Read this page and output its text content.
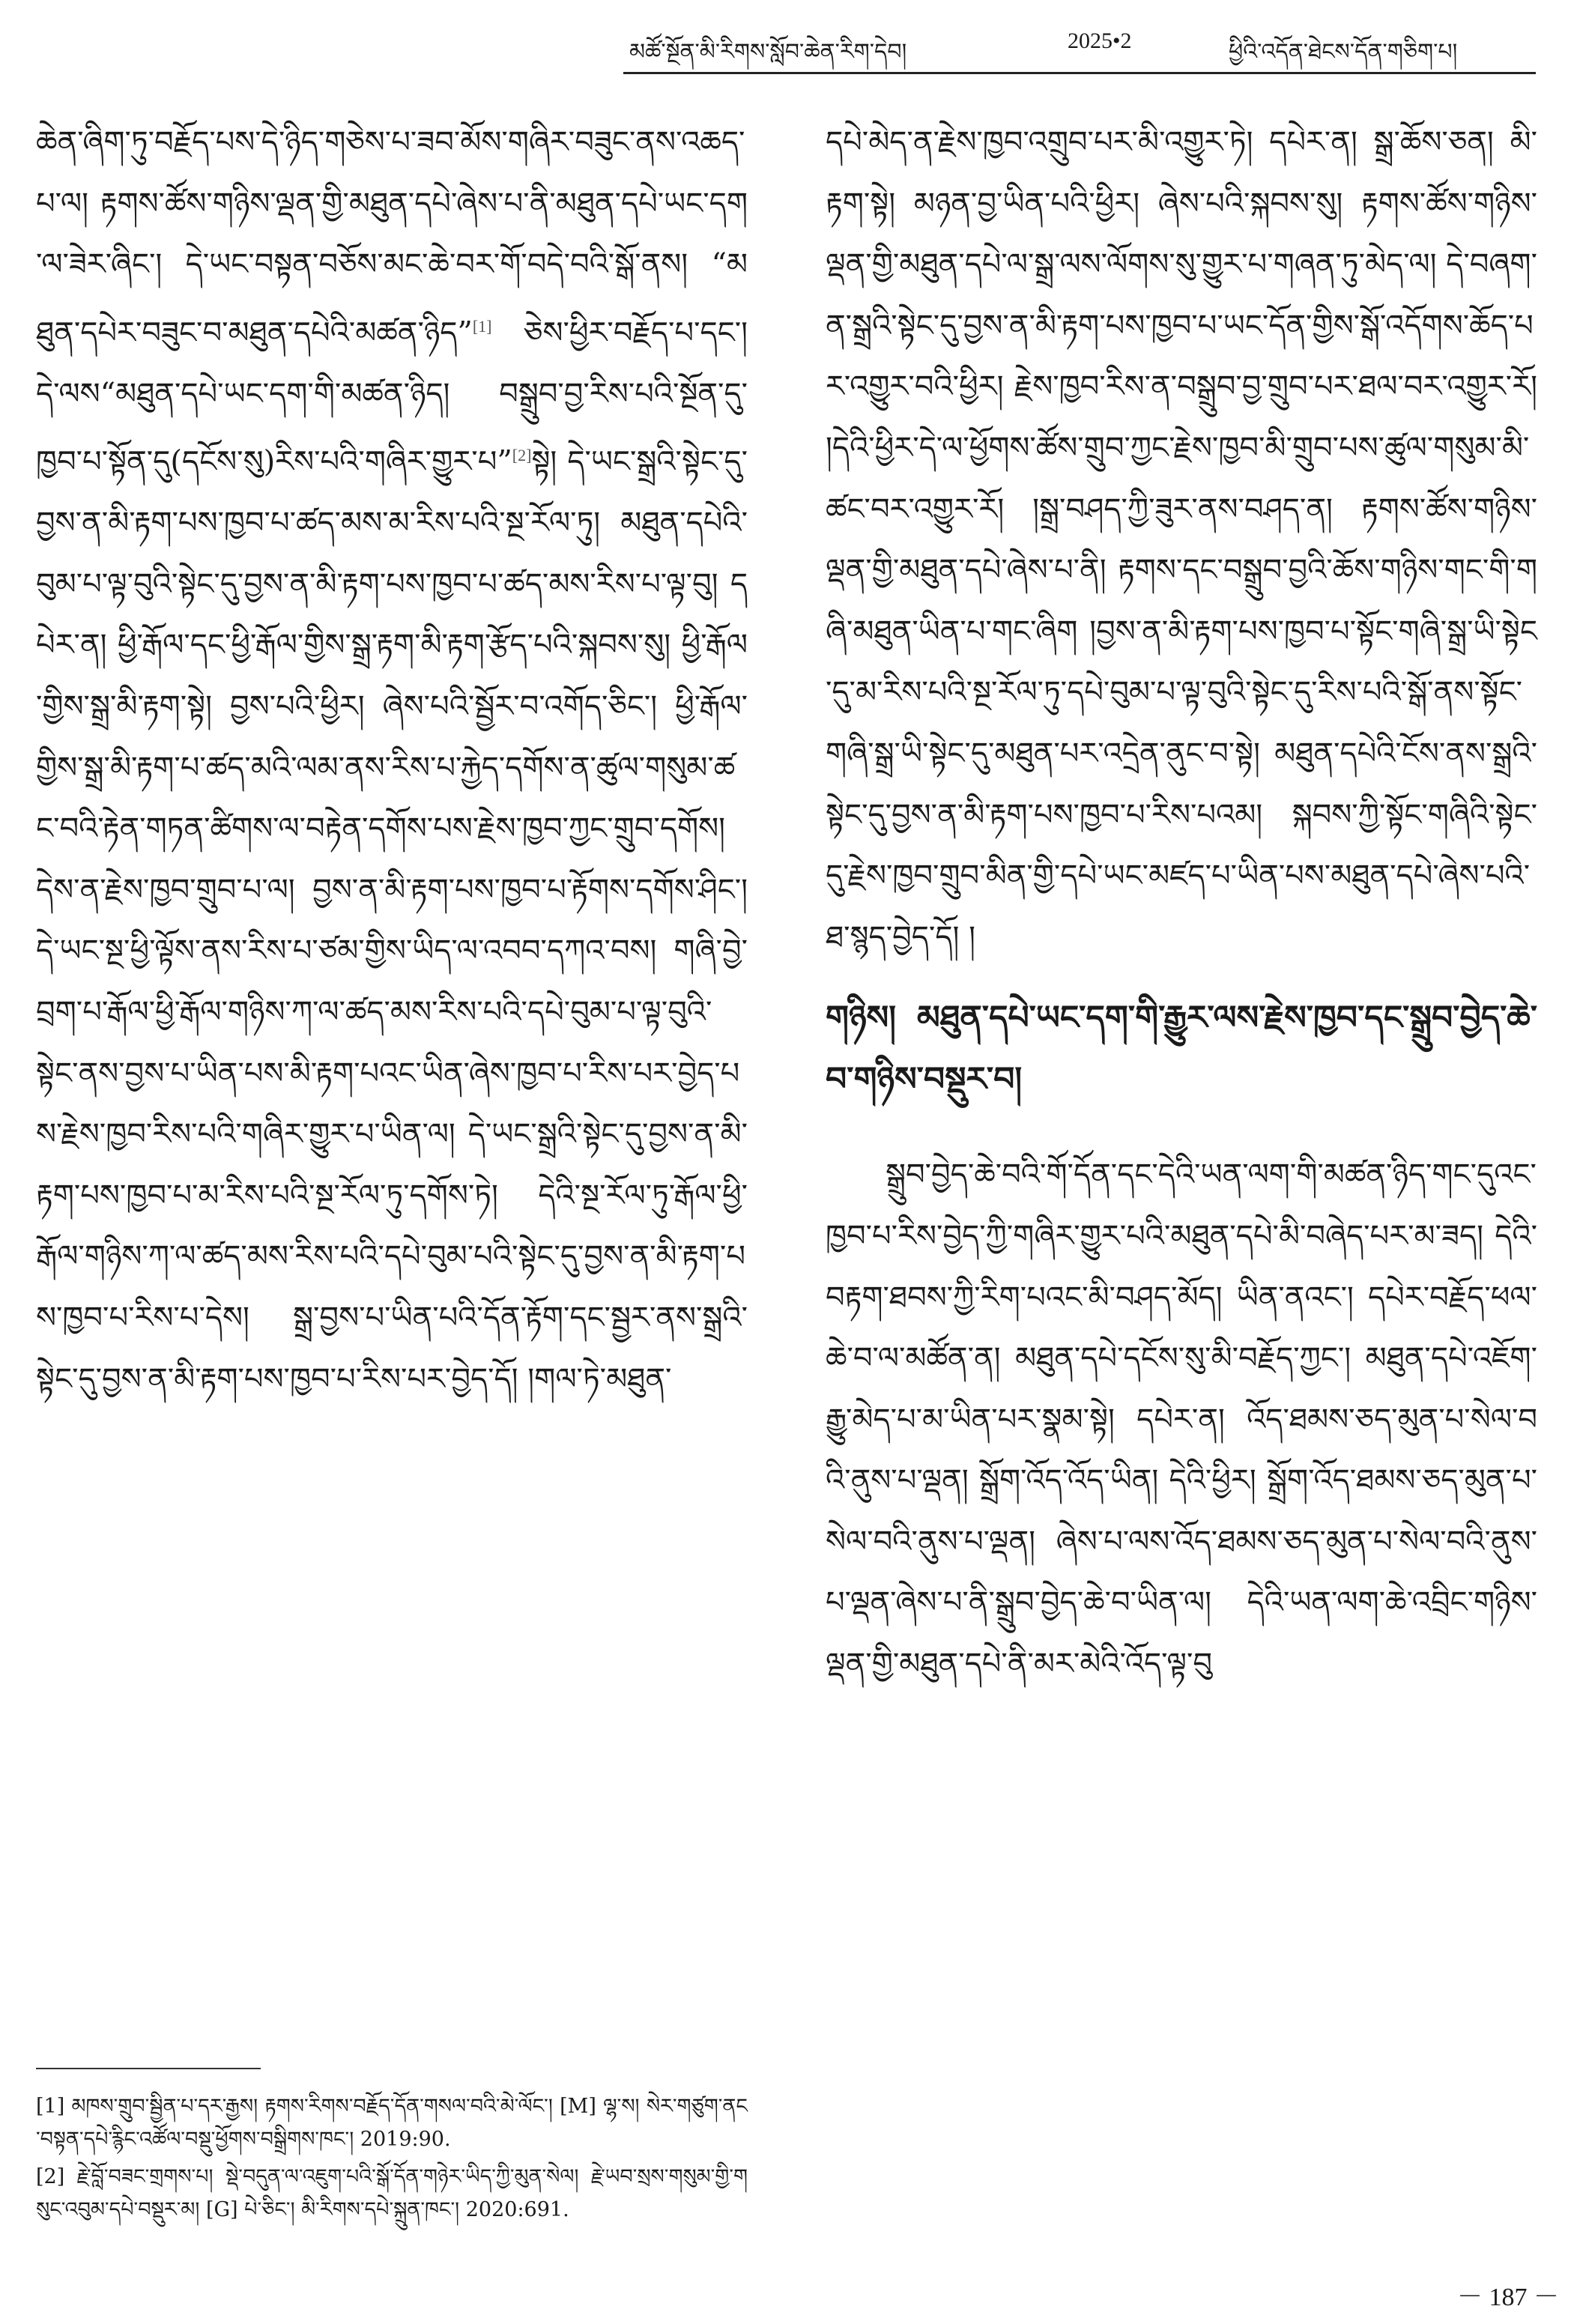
མཚོ་སྔོན་མི་རིགས་སློབ་ཆེན་རིག་དེབ།	2025•2	ཕྱིའི་འདོན་ཐེངས་དོན་གཅིག་པ།

ཆེན་ཞིག་ཏུ་བརྗོད་པས་དེ་ཉིད་གཅེས་པ་ཟབ་མོས་གཞིར་བཟུང་ནས་འཆད་པ་ལ། རྟགས་ཚོས་གཉིས་ལྡན་གྱི་མཐུན་དཔེ་ཞེས་པ་ནི་མཐུན་དཔེ་ཡང་དག་ལ་ཟེར་ཞིང་། དེ་ཡང་བསྟན་བཅོས་མང་ཆེ་བར་གོ་བདེ་བའི་སྒོ་ནས། “མཐུན་དཔེར་བཟུང་བ་མཐུན་དཔེའི་མཚན་ཉིད”[1] ཅེས་ཕྱིར་བརྗོད་པ་དང་། དེ་ལས“མཐུན་དཔེ་ཡང་དག་གི་མཚན་ཉིད། བསྒྲུབ་བྱ་རིས་པའི་སྔོན་དུ་ཁྱབ་པ་སྟོན་དུ(དངོས་སུ)རིས་པའི་གཞིར་གྱུར་པ”[2]སྟེ། དེ་ཡང་སྒྲའི་སྟེང་དུ་བྱས་ན་མི་རྟག་པས་ཁྱབ་པ་ཚད་མས་མ་རིས་པའི་སྔ་རོལ་ཏུ། མཐུན་དཔེའི་བུམ་པ་ལྟ་བུའི་སྟེང་དུ་བྱས་ན་མི་རྟག་པས་ཁྱབ་པ་ཚད་མས་རིས་པ་ལྟ་བུ། དཔེར་ན། ཕྱི་རྒོལ་དང་ཕྱི་རྒོལ་གྱིས་སྒྲ་རྟག་མི་རྟག་རྩོད་པའི་སྐབས་སུ། ཕྱི་རྒོལ་གྱིས་སྒྲ་མི་རྟག་སྟེ། བྱས་པའི་ཕྱིར། ཞེས་པའི་སྦྱོར་བ་འགོད་ཅིང་། ཕྱི་རྒོལ་གྱིས་སྒྲ་མི་རྟག་པ་ཚད་མའི་ལམ་ནས་རིས་པ་རྐྱེད་དགོས་ན་ཚུལ་གསུམ་ཚང་བའི་རྟེན་གཏན་ཚིགས་ལ་བརྟེན་དགོས་པས་རྗེས་ཁྱབ་ཀྱང་གྲུབ་དགོས། དེས་ན་རྗེས་ཁྱབ་གྲུབ་པ་ལ། བྱས་ན་མི་རྟག་པས་ཁྱབ་པ་རྟོགས་དགོས་ཤིང་། དེ་ཡང་སྔ་ཕྱི་ལྟོས་ནས་རིས་པ་ཙམ་གྱིས་ཡིད་ལ་འབབ་དཀའ་བས། གཞི་བྱེ་བྲག་པ་རྒོལ་ཕྱི་རྒོལ་གཉིས་ཀ་ལ་ཚད་མས་རིས་པའི་དཔེ་བུམ་པ་ལྟ་བུའི་སྟེང་ནས་བྱས་པ་ཡིན་པས་མི་རྟག་པའང་ཡིན་ཞེས་ཁྱབ་པ་རིས་པར་བྱེད་པས་རྗེས་ཁྱབ་རིས་པའི་གཞིར་གྱུར་པ་ཡིན་ལ། དེ་ཡང་སྒྲའི་སྟེང་དུ་བྱས་ན་མི་རྟག་པས་ཁྱབ་པ་མ་རིས་པའི་སྔ་རོལ་ཏུ་དགོས་ཏེ། དེའི་སྔ་རོལ་ཏུ་རྒོལ་ཕྱི་རྒོལ་གཉིས་ཀ་ལ་ཚད་མས་རིས་པའི་དཔེ་བུམ་པའི་སྟེང་དུ་བྱས་ན་མི་རྟག་པས་ཁྱབ་པ་རིས་པ་དེས། སྒྲ་བྱས་པ་ཡིན་པའི་དོན་རྟོག་དང་སྦྱར་ནས་སྒྲའི་སྟེང་དུ་བྱས་ན་མི་རྟག་པས་ཁྱབ་པ་རིས་པར་བྱེད་དོ། །གལ་ཏེ་མཐུན་

དཔེ་མེད་ན་རྗེས་ཁྱབ་འགྲུབ་པར་མི་འགྱུར་ཏེ། དཔེར་ན། སྒྲ་ཆོས་ཅན། མི་རྟག་སྟེ། མཉན་བྱ་ཡིན་པའི་ཕྱིར། ཞེས་པའི་སྐབས་སུ། རྟགས་ཚོས་གཉིས་ལྡན་གྱི་མཐུན་དཔེ་ལ་སྒྲ་ལས་ལོགས་སུ་གྱུར་པ་གཞན་ཏུ་མེད་ལ། དེ་བཞག་ན་སྒྲའི་སྟེང་དུ་བྱས་ན་མི་རྟག་པས་ཁྱབ་པ་ཡང་དོན་གྱིས་སྒོ་འདོགས་ཆོད་པར་འགྱུར་བའི་ཕྱིར། རྗེས་ཁྱབ་རིས་ན་བསྒྲུབ་བྱ་གྲུབ་པར་ཐལ་བར་འགྱུར་རོ། །དེའི་ཕྱིར་དེ་ལ་ཕྱོགས་ཚོས་གྲུབ་ཀྱང་རྗེས་ཁྱབ་མི་གྲུབ་པས་ཚུལ་གསུམ་མི་ཚང་བར་འགྱུར་རོ། །སྒྲ་བཤད་ཀྱི་ཟུར་ནས་བཤད་ན། རྟགས་ཚོས་གཉིས་ལྡན་གྱི་མཐུན་དཔེ་ཞེས་པ་ནི། རྟགས་དང་བསྒྲུབ་བྱའི་ཆོས་གཉིས་གང་གི་གཞི་མཐུན་ཡིན་པ་གང་ཞིག །བྱས་ན་མི་རྟག་པས་ཁྱབ་པ་སྟོང་གཞི་སྒྲ་ཡི་སྟེང་དུ་མ་རིས་པའི་སྔ་རོལ་ཏུ་དཔེ་བུམ་པ་ལྟ་བུའི་སྟེང་དུ་རིས་པའི་སྒོ་ནས་སྟོང་གཞི་སྒྲ་ཡི་སྟེང་དུ་མཐུན་པར་འདྲེན་ནུང་བ་སྟེ། མཐུན་དཔེའི་ངོས་ནས་སྒྲའི་སྟེང་དུ་བྱས་ན་མི་རྟག་པས་ཁྱབ་པ་རིས་པའམ། སྐབས་ཀྱི་སྟོང་གཞིའི་སྟེང་དུ་རྗེས་ཁྱབ་གྲུབ་མིན་གྱི་དཔེ་ཡང་མཛད་པ་ཡིན་པས་མཐུན་དཔེ་ཞེས་པའི་ཐ་སྙད་བྱེད་དོ། །

གཉིས། མཐུན་དཔེ་ཡང་དག་གི་རྒྱུར་ལས་རྗེས་ཁྱབ་དང་སྒྲུབ་བྱེད་ཆེ་བ་གཉིས་བསྡུར་བ།

སྒྲུབ་བྱེད་ཆེ་བའི་གོ་དོན་དང་དེའི་ཡན་ལག་གི་མཚན་ཉིད་གང་དུའང་ཁྱབ་པ་རིས་བྱེད་ཀྱི་གཞིར་གྱུར་པའི་མཐུན་དཔེ་མི་བཞེད་པར་མ་ཟད། དེའི་བརྟག་ཐབས་ཀྱི་རིག་པའང་མི་བཤད་མོད། ཡིན་ནའང་། དཔེར་བརྗོད་ཕལ་ཆེ་བ་ལ་མཚོན་ན། མཐུན་དཔེ་དངོས་སུ་མི་བརྗོད་ཀྱང་། མཐུན་དཔེ་འཇོག་རྒྱུ་མེད་པ་མ་ཡིན་པར་སྣམ་སྟེ། དཔེར་ན། འོད་ཐམས་ཅད་མུན་པ་སེལ་བའི་ནུས་པ་ལྡན། སྒྲོག་འོད་འོད་ཡིན། དེའི་ཕྱིར། སྒྲོག་འོད་ཐམས་ཅད་མུན་པ་སེལ་བའི་ནུས་པ་ལྡན། ཞེས་པ་ལས་འོད་ཐམས་ཅད་མུན་པ་སེལ་བའི་ནུས་པ་ལྡན་ཞེས་པ་ནི་སྒྲུབ་བྱེད་ཆེ་བ་ཡིན་ལ། དེའི་ཡན་ལག་ཆེ་འབྲིང་གཉིས་ལྡན་གྱི་མཐུན་དཔེ་ནི་མར་མེའི་འོད་ལྟ་བུ

[1] མཁས་གྲུབ་སྦྱིན་པ་དར་རྒྱས། རྟགས་རིགས་བརྗོད་དོན་གསལ་བའི་མེ་ལོང་། [M] ལྷ་ས། སེར་གཙུག་ནང་བསྟན་དཔེ་རྙིང་འཚོལ་བསྡུ་ཕྱོགས་བསྒྲིགས་ཁང་། 2019:90.

[2] རྗེ་བློ་བཟང་གྲགས་པ། སྡེ་བདུན་ལ་འཇུག་པའི་སྒོ་དོན་གཉེར་ཡིད་ཀྱི་མུན་སེལ། རྗེ་ཡབ་སྲས་གསུམ་གྱི་གསུང་འབུམ་དཔེ་བསྡུར་མ། [G] པེ་ཅིང་། མི་རིགས་དཔེ་སྐྲུན་ཁང་། 2020:691.

－ 187 －
